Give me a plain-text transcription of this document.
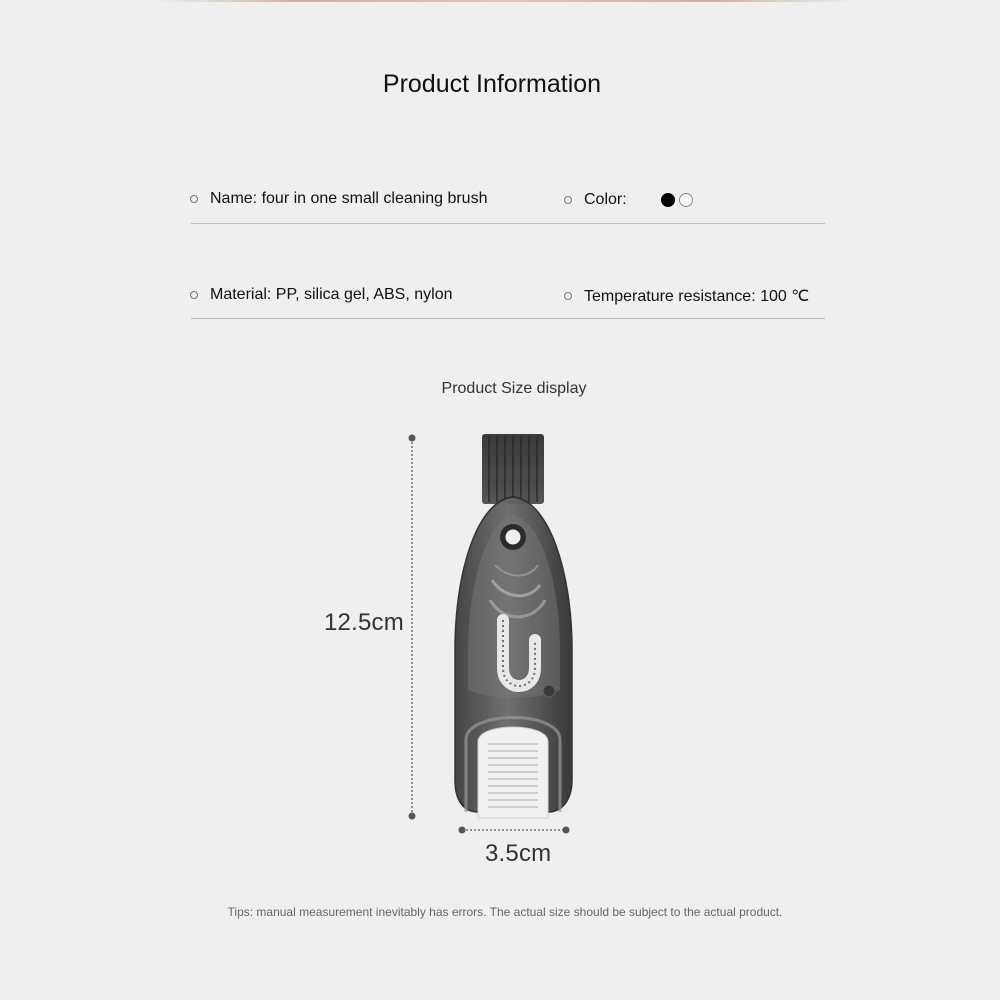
Product Information
Name: four in one small cleaning brush	Color:
Material: PP, silica gel, ABS, nylon	Temperature resistance: 100 ℃
Product Size display
12.5cm
3.5cm
Tips: manual measurement inevitably has errors. The actual size should be subject to the actual product.
